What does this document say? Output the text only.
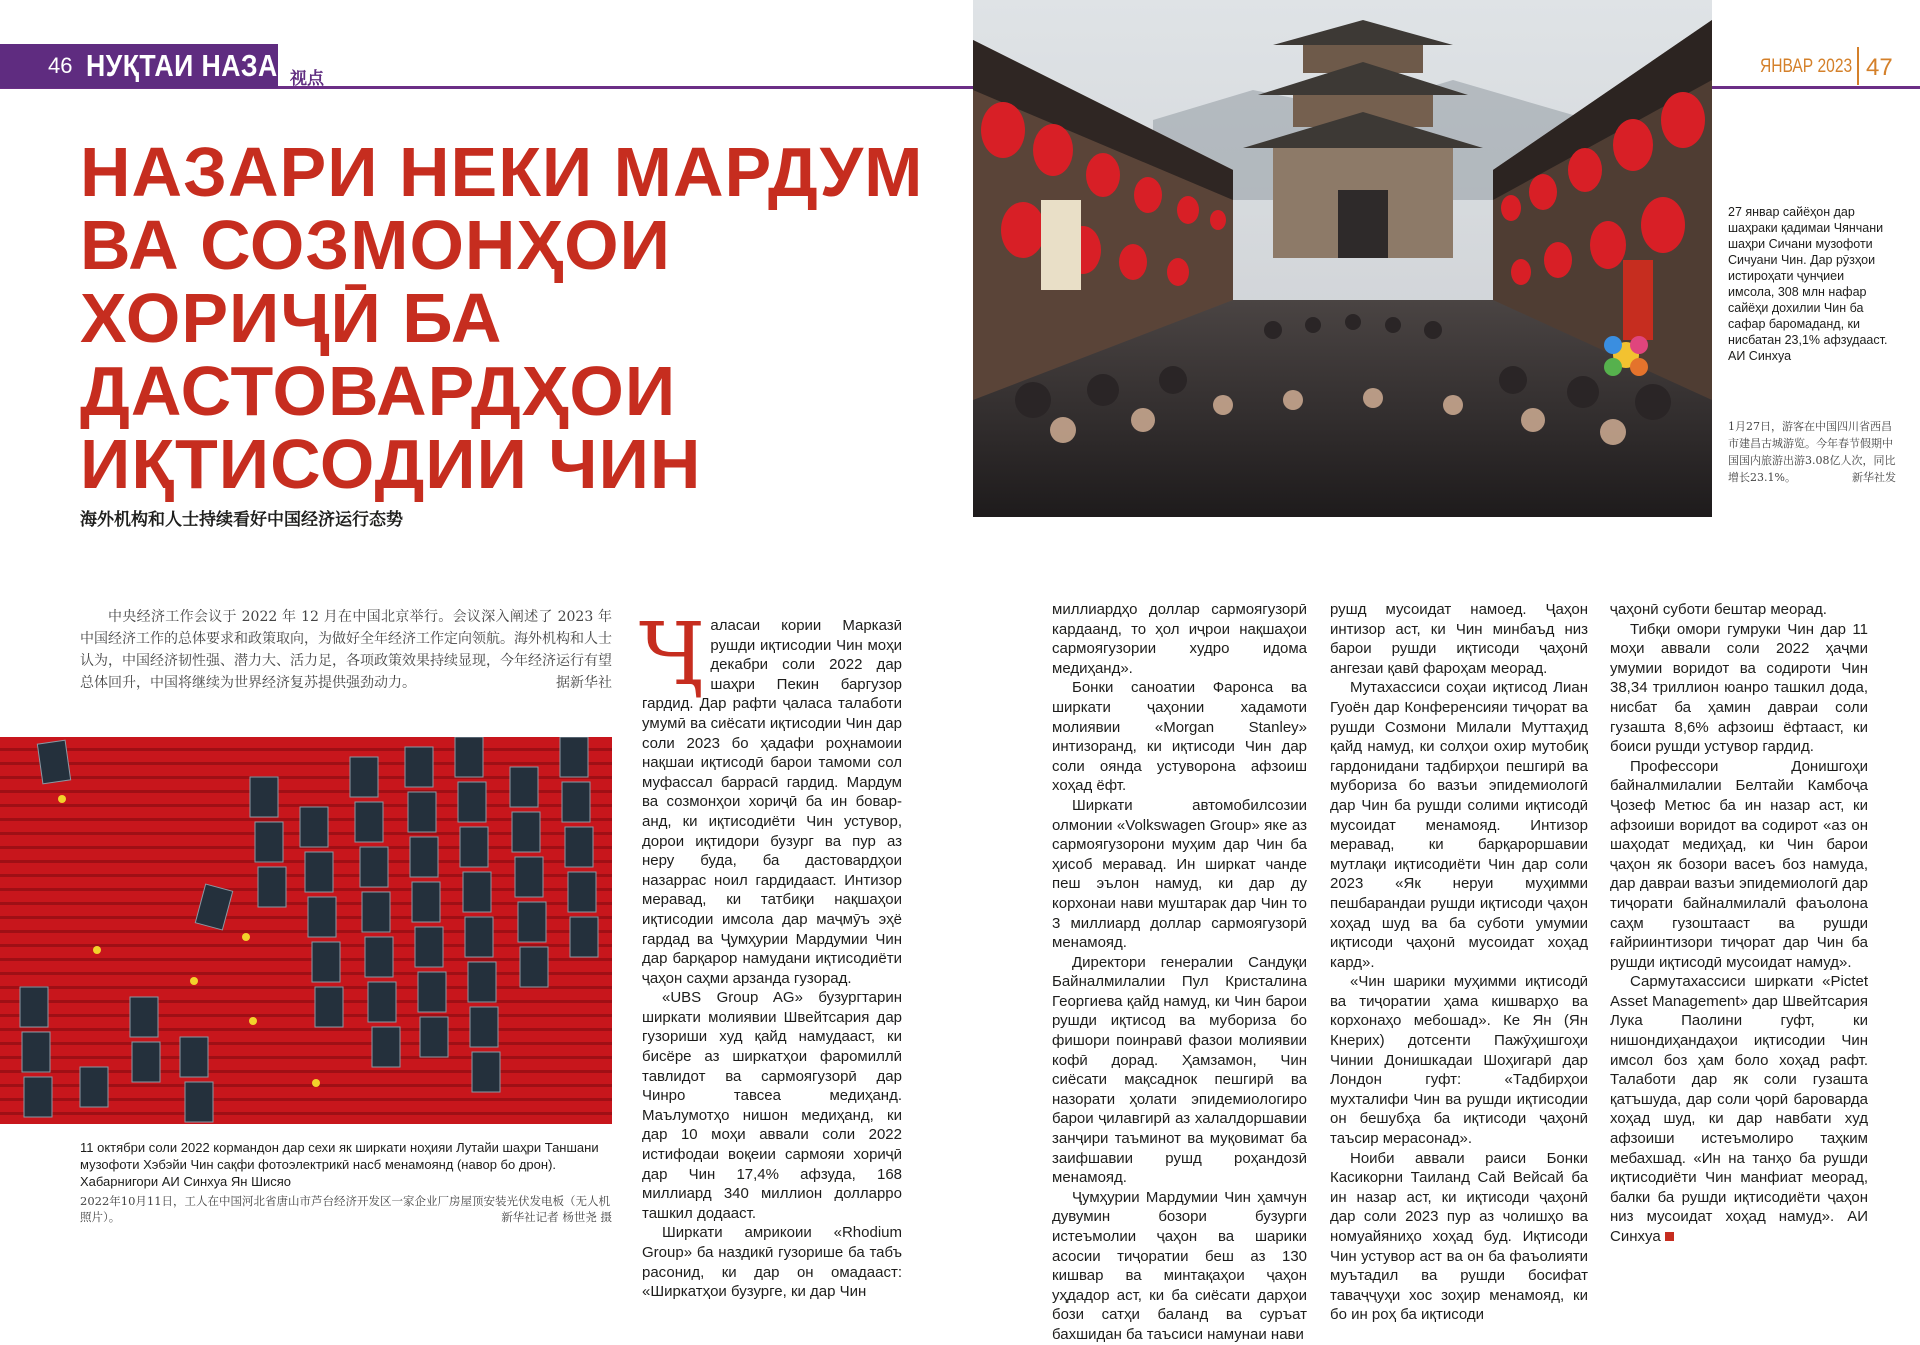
46 НУҚТАИ НАЗАР
视点
ЯНВАР 2023 47
НАЗАРИ НЕКИ МАРДУМ ВА СОЗМОНҲОИ ХОРИҶӢ БА ДАСТОВАРДҲОИ ИҚТИСОДИИ ЧИН
海外机构和人士持续看好中国经济运行态势
中央经济工作会议于 2022 年 12 月在中国北京举行。会议深入阐述了 2023 年中国经济工作的总体要求和政策取向，为做好全年经济工作定向领航。海外机构和人士认为，中国经济韧性强、潜力大、活力足，各项政策效果持续显现，今年经济运行有望总体回升，中国将继续为世界经济复苏提供强劲动力。	据新华社
27 январ сайёҳон дар шаҳраки қадимаи Чянчани шаҳри Сичани музофоти Сичуани Чин. Дар рӯзҳои истироҳати ҷунҷиеи имсола, 308 млн нафар сайёҳи дохилии Чин ба сафар баромаданд, ки нисбатан 23,1% афзудааст. АИ Синхуа
1月27日，游客在中国四川省西昌市建昌古城游览。今年春节假期中国国内旅游出游3.08亿人次，同比增长23.1%。	新华社发
11 октябри соли 2022 кормандон дар сехи як ширкати ноҳияи Лутайи шаҳри Таншани музофоти Хэбэйи Чин сақфи фотоэлектрикӣ насб менамоянд (навор бо дрон). Хабарнигори АИ Синхуа Ян Шисяо
2022年10月11日，工人在中国河北省唐山市芦台经济开发区一家企业厂房屋顶安装光伏发电板（无人机照片）。	新华社记者 杨世尧 摄

Ҷаласаи кории Марказӣ рушди иқтисодии Чин моҳи декабри соли 2022 дар шаҳри Пекин баргузор гардид. Дар рафти ҷаласа талаботи умумӣ ва сиёсати иқтисодии Чин дар соли 2023 бо ҳадафи роҳнамоии нақшаи иқтисодӣ барои тамоми сол муфассал баррасӣ гардид. Мардум ва созмонҳои хориҷӣ ба ин бовар-анд, ки иқтисодиёти Чин устувор, дорои иқтидори бузург ва пур аз неру буда, ба дастовардҳои назаррас ноил гардидааст. Интизор меравад, ки татбиқи нақшаҳои иқтисодии имсола дар маҷмӯъ эҳё гардад ва Ҷумҳурии Мардумии Чин дар барқарор намудани иқтисодиёти ҷаҳон саҳми арзанда гузорад.

«UBS Group AG» бузургтарин ширкати молиявии Швейтсария дар гузориши худ қайд намудааст, ки бисёре аз ширкатҳои фаромиллӣ тавлидот ва сармоягузорӣ дар Чинро тавсеа медиҳанд. Маълумотҳо нишон медиҳанд, ки дар 10 моҳи аввали соли 2022 истифодаи воқеии сармояи хориҷӣ дар Чин 17,4% афзуда, 168 миллиард 340 миллион долларро ташкил додааст.

Ширкати амрикоии «Rhodium Group» ба наздикӣ гузорише ба табъ расонид, ки дар он омадааст: «Ширкатҳои бузурге, ки дар Чин

миллиардҳо доллар сармоягузорӣ кардаанд, то ҳол иҷрои нақшаҳои сармоягузории худро идома медиҳанд».

Бонки саноатии Фаронса ва ширкати ҷаҳонии хадамоти молиявии «Morgan Stanley» интизоранд, ки иқтисоди Чин дар соли оянда устуворона афзоиш хоҳад ёфт.

Ширкати автомобилсозии олмонии «Volkswagen Group» яке аз сармоягузорони муҳим дар Чин ба ҳисоб меравад. Ин ширкат чанде пеш эълон намуд, ки дар ду корхонаи нави муштарак дар Чин то 3 миллиард доллар сармоягузорӣ менамояд.

Директори генералии Сандуқи Байналмилалии Пул Кристалина Георгиева қайд намуд, ки Чин барои рушди иқтисод ва мубориза бо фишори поинравӣ фазои молиявии кофӣ дорад. Ҳамзамон, Чин сиёсати мақсаднок пешгирӣ ва назорати ҳолати эпидемиологиро барои ҷилавгирӣ аз халалдоршавии занҷири таъминот ва муқовимат ба заифшавии рушд роҳандозӣ менамояд.

Ҷумҳурии Мардумии Чин ҳамчун дувумин бозори бузурги истеъмолии ҷаҳон ва шарики асосии тиҷоратии беш аз 130 кишвар ва минтақаҳои ҷаҳон уҳдадор аст, ки ба сиёсати дарҳои бози сатҳи баланд ва суръат бахшидан ба таъсиси намунаи нави

рушд мусоидат намоед. Ҷаҳон интизор аст, ки Чин минбаъд низ барои рушди иқтисоди ҷаҳонӣ ангезаи қавӣ фароҳам меорад.

Мутахассиси соҳаи иқтисод Лиан Гуоён дар Конференсияи тиҷорат ва рушди Созмони Милали Муттаҳид қайд намуд, ки солҳои охир мутобиқ гардонидани тадбирҳои пешгирӣ ва мубориза бо вазъи эпидемиологӣ дар Чин ба рушди солими иқтисодӣ мусоидат менамояд. Интизор меравад, ки барқароршавии мутлақи иқтисодиёти Чин дар соли 2023 «Як неруи муҳимми пешбарандаи рушди иқтисоди ҷаҳон хоҳад шуд ва ба суботи умумии иқтисоди ҷаҳонӣ мусоидат хоҳад кард».

«Чин шарики муҳимми иқтисодӣ ва тиҷоратии ҳама кишварҳо ва корхонаҳо мебошад». Ке Ян (Ян Кнерих) дотсенти Пажӯҳишгоҳи Чинии Донишкадаи Шоҳигарӣ дар Лондон гуфт: «Тадбирҳои мухталифи Чин ва рушди иқтисодии он бешубҳа ба иқтисоди ҷаҳонӣ таъсир мерасонад».

Ноиби аввали раиси Бонки Касикорни Таиланд Сай Вейсай ба ин назар аст, ки иқтисоди ҷаҳонӣ дар соли 2023 пур аз чолишҳо ва номуайяниҳо хоҳад буд. Иқтисоди Чин устувор аст ва он ба фаъолияти муътадил ва рушди босифат таваҷҷуҳи хос зоҳир менамояд, ки бо ин роҳ ба иқтисоди

ҷаҳонӣ суботи бештар меорад.

Тибқи омори гумруки Чин дар 11 моҳи аввали соли 2022 ҳаҷми умумии воридот ва содироти Чин 38,34 триллион юанро ташкил дода, нисбат ба ҳамин давраи соли гузашта 8,6% афзоиш ёфтааст, ки боиси рушди устувор гардид.

Профессори Донишгоҳи байналмилалии Белтайи Камбоҷа Ҷозеф Метюс ба ин назар аст, ки афзоиши воридот ва содирот «аз он шаҳодат медиҳад, ки Чин барои ҷаҳон як бозори васеъ боз намуда, дар давраи вазъи эпидемиологӣ дар тиҷорати байналмилалӣ фаъолона саҳм гузоштааст ва рушди ғайриинтизори тиҷорат дар Чин ба рушди иқтисодӣ мусоидат намуд».

Сармутахассиси ширкати «Pictet Asset Management» дар Швейтсария Лука Паолини гуфт, ки нишондиҳандаҳои иқтисодии Чин имсол боз ҳам боло хоҳад рафт. Талаботи дар як соли гузашта қатъшуда, дар соли ҷорӣ бароварда хоҳад шуд, ки дар навбати худ афзоиши истеъмолиро таҳким мебахшад. «Ин на танҳо ба рушди иқтисодиёти Чин манфиат меорад, балки ба рушди иқтисодиёти ҷаҳон низ мусоидат хоҳад намуд». АИ Синхуа
